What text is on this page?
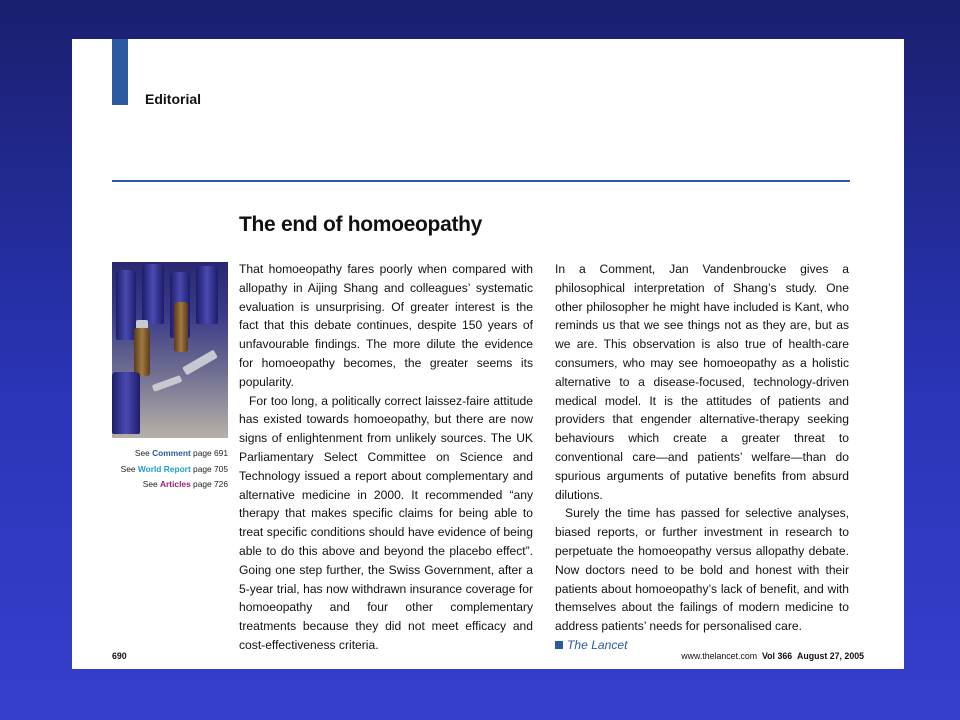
Editorial
The end of homoeopathy
See Comment page 691
See World Report page 705
See Articles page 726

That homoeopathy fares poorly when compared with allopathy in Aijing Shang and colleagues’ systematic evaluation is unsurprising. Of greater interest is the fact that this debate continues, despite 150 years of unfavourable findings. The more dilute the evidence for homoeopathy becomes, the greater seems its popularity.

For too long, a politically correct laissez-faire attitude has existed towards homoeopathy, but there are now signs of enlightenment from unlikely sources. The UK Parliamentary Select Committee on Science and Technology issued a report about complementary and alternative medicine in 2000. It recommended “any therapy that makes specific claims for being able to treat specific conditions should have evidence of being able to do this above and beyond the placebo effect”. Going one step further, the Swiss Government, after a 5-year trial, has now withdrawn insurance coverage for homoeopathy and four other complementary treatments because they did not meet efficacy and cost-effectiveness criteria.

In a Comment, Jan Vandenbroucke gives a philosophical interpretation of Shang’s study. One other philosopher he might have included is Kant, who reminds us that we see things not as they are, but as we are. This observation is also true of health-care consumers, who may see homoeopathy as a holistic alternative to a disease-focused, technology-driven medical model. It is the attitudes of patients and providers that engender alternative-therapy seeking behaviours which create a greater threat to conventional care—and patients’ welfare—than do spurious arguments of putative benefits from absurd dilutions.

Surely the time has passed for selective analyses, biased reports, or further investment in research to perpetuate the homoeopathy versus allopathy debate. Now doctors need to be bold and honest with their patients about homoeopathy’s lack of benefit, and with themselves about the failings of modern medicine to address patients’ needs for personalised care.

The Lancet
690	www.thelancet.com Vol 366 August 27, 2005
